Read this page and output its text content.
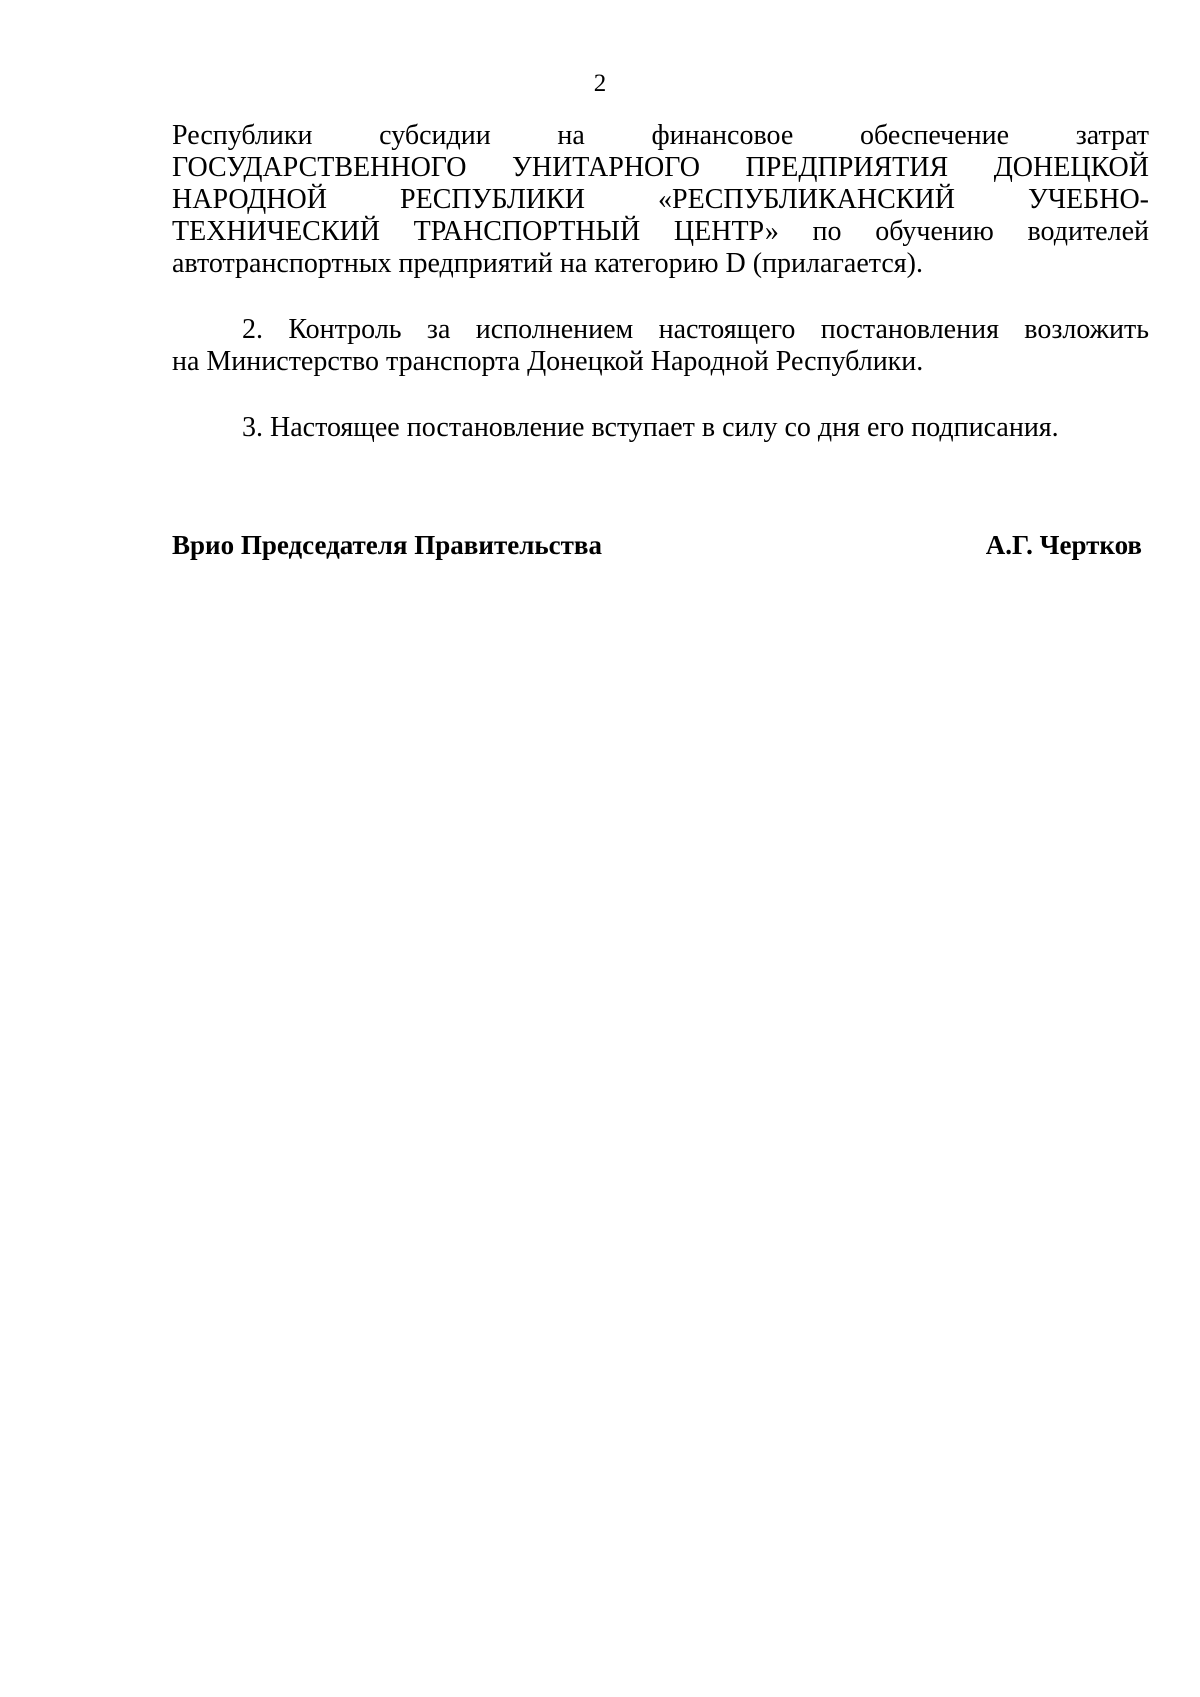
2
Республики субсидии на финансовое обеспечение затрат
ГОСУДАРСТВЕННОГО УНИТАРНОГО ПРЕДПРИЯТИЯ ДОНЕЦКОЙ
НАРОДНОЙ РЕСПУБЛИКИ «РЕСПУБЛИКАНСКИЙ УЧЕБНО-
ТЕХНИЧЕСКИЙ ТРАНСПОРТНЫЙ ЦЕНТР» по обучению водителей
автотранспортных предприятий на категорию D (прилагается).
2. Контроль за исполнением настоящего постановления возложить
на Министерство транспорта Донецкой Народной Республики.
3. Настоящее постановление вступает в силу со дня его подписания.
Врио Председателя Правительства	А.Г. Чертков
